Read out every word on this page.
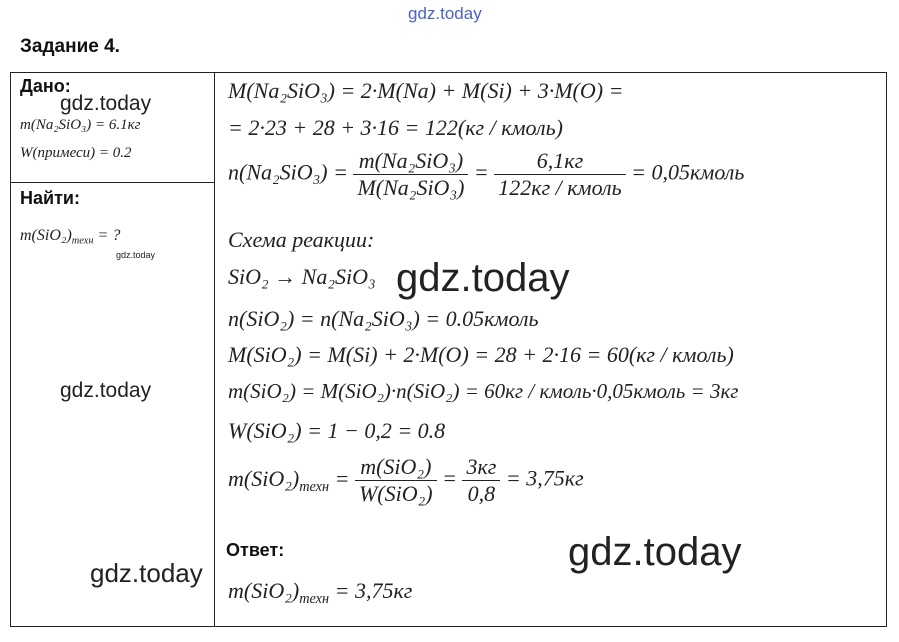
gdz.today
Задание 4.
Дано:
m(Na₂SiO₃) = 6.1кг
W(примеси) = 0.2
Найти:
$m(SiO_2)_{техн}$ = ?
M(Na₂SiO₃) = 2·M(Na) + M(Si) + 3·M(O) =
= 2·23 + 28 + 3·16 = 122(кг / кмоль)
$n(Na_2SiO_3) = \frac{\text{m(Na₂SiO₃)}}{\text{M(Na₂SiO₃)}} = \frac{6,1кг}{\text{122кг / кмоль}}$ = 0,05кмоль
Схема реакции:
SiO₂ → Na₂SiO₃
n(SiO₂) = n(Na₂SiO₃) = 0.05кмоль
M(SiO₂) = M(Si) + 2·M(O) = 28 + 2·16 = 60(кг / кмоль)
m(SiO₂) = M(SiO₂)·n(SiO₂) = 60кг / кмоль·0,05кмоль = 3кг
W(SiO₂) = 1 − 0,2 = 0.8
$m(SiO_2)_{техн} = \frac{\text{m(SiO₂)}}{\text{W(SiO₂)}} = \frac{3кг}{0,8} = 3,75кг$
Ответ:
$m(SiO_2)_{техн} = 3,75кг$
gdz.today
gdz.today
gdz.today
gdz.today
gdz.today
gdz.today
